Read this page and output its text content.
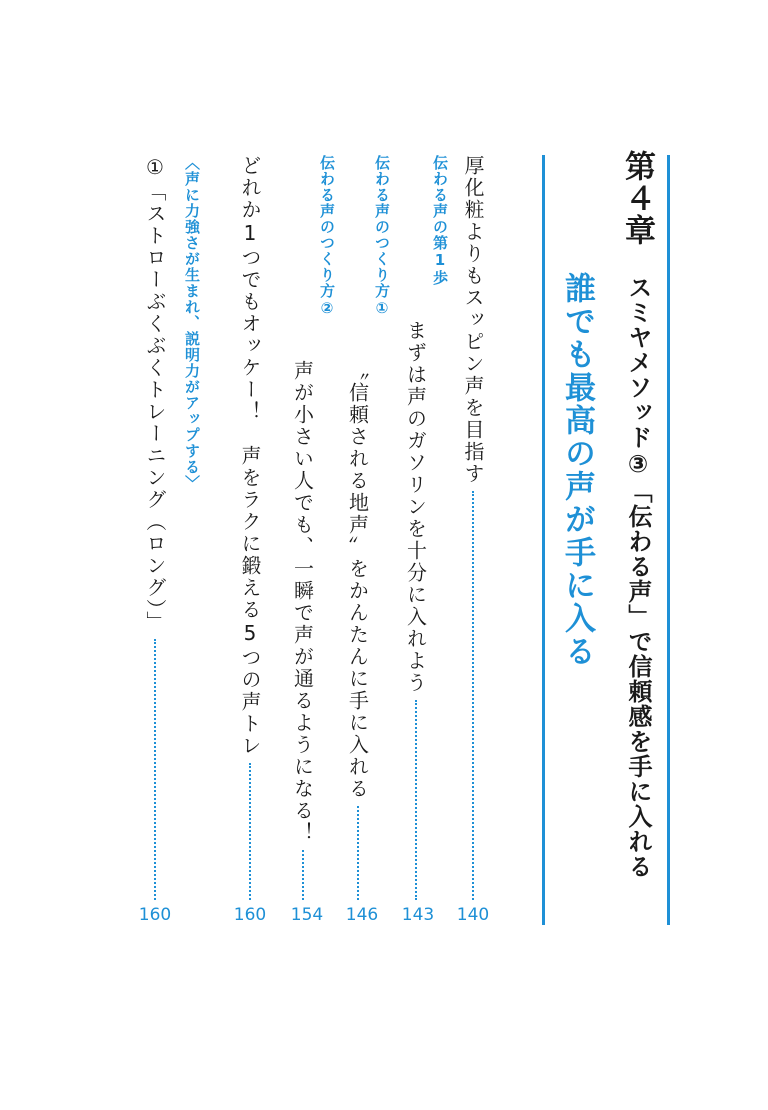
第４章
スミヤメソッド③「伝わる声」で信頼感を手に入れる
誰でも最高の声が手に入る
厚化粧よりもスッピン声を目指す
140
伝わる声の第1歩
まずは声のガソリンを十分に入れよう
143
伝わる声のつくり方①
〝信頼される地声〟をかんたんに手に入れる
146
伝わる声のつくり方②
声が小さい人でも、一瞬で声が通るようになる！
154
どれか1つでもオッケー！　声をラクに鍛える5つの声トレ
160
〈声に力強さが生まれ、説明力がアップする〉
①「ストローぶくぶくトレーニング（ロング）」
160
